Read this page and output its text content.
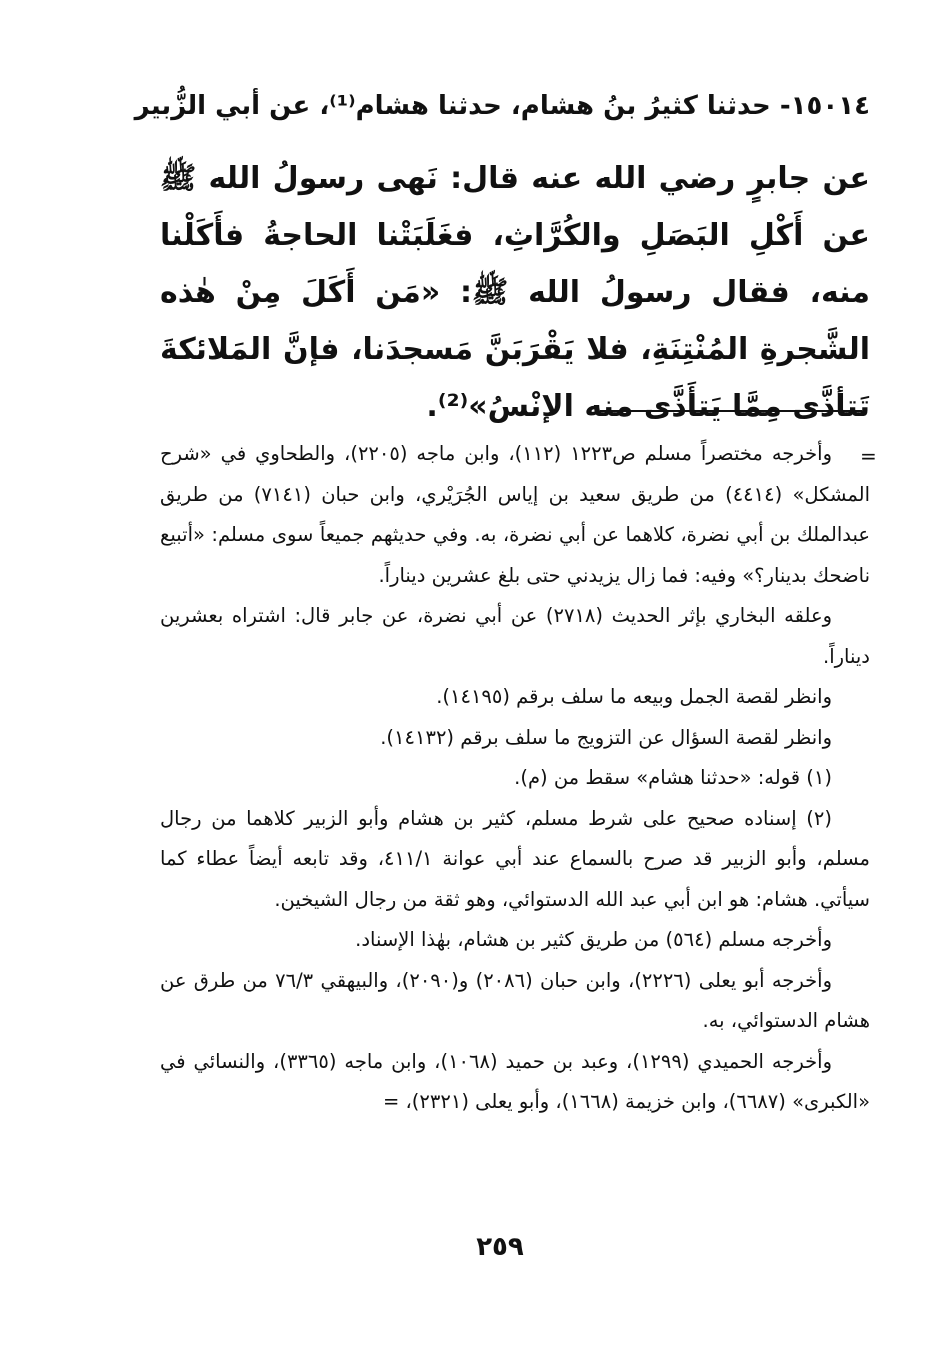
١٥٠١٤- حدثنا كثيرُ بنُ هشام، حدثنا هشام⁽¹⁾، عن أبي الزُّبير
عن جابرٍ رضي الله عنه قال: نَهى رسولُ الله ﷺ عن أَكْلِ البَصَلِ والكُرَّاثِ، فغَلَبَتْنا الحاجةُ فأَكَلْنا منه، فقال رسولُ الله ﷺ: «مَن أَكَلَ مِنْ هٰذه الشَّجرةِ المُنْتِنَةِ، فلا يَقْرَبَنَّ مَسجدَنا، فإنَّ المَلائكةَ تَتأذَّى مِمَّا يَتأَذَّى منه الإنْسُ»⁽²⁾.
=

وأخرجه مختصراً مسلم ص١٢٢٣ (١١٢)، وابن ماجه (٢٢٠٥)، والطحاوي في «شرح المشكل» (٤٤١٤) من طريق سعيد بن إياس الجُرَيْري، وابن حبان (٧١٤١) من طريق عبدالملك بن أبي نضرة، كلاهما عن أبي نضرة، به. وفي حديثهم جميعاً سوى مسلم: «أتبيع ناضحك بدينار؟» وفيه: فما زال يزيدني حتى بلغ عشرين ديناراً.

وعلقه البخاري بإثر الحديث (٢٧١٨) عن أبي نضرة، عن جابر قال: اشتراه بعشرين ديناراً.

وانظر لقصة الجمل وبيعه ما سلف برقم (١٤١٩٥).

وانظر لقصة السؤال عن التزويج ما سلف برقم (١٤١٣٢).

(١) قوله: «حدثنا هشام» سقط من (م).

(٢) إسناده صحيح على شرط مسلم، كثير بن هشام وأبو الزبير كلاهما من رجال مسلم، وأبو الزبير قد صرح بالسماع عند أبي عوانة ٤١١/١، وقد تابعه أيضاً عطاء كما سيأتي. هشام: هو ابن أبي عبد الله الدستوائي، وهو ثقة من رجال الشيخين.

وأخرجه مسلم (٥٦٤) من طريق كثير بن هشام، بهٰذا الإسناد.

وأخرجه أبو يعلى (٢٢٢٦)، وابن حبان (٢٠٨٦) و(٢٠٩٠)، والبيهقي ٧٦/٣ من طرق عن هشام الدستوائي، به.

وأخرجه الحميدي (١٢٩٩)، وعبد بن حميد (١٠٦٨)، وابن ماجه (٣٣٦٥)، والنسائي في «الكبرى» (٦٦٨٧)، وابن خزيمة (١٦٦٨)، وأبو يعلى (٢٣٢١)، =

٢٥٩
